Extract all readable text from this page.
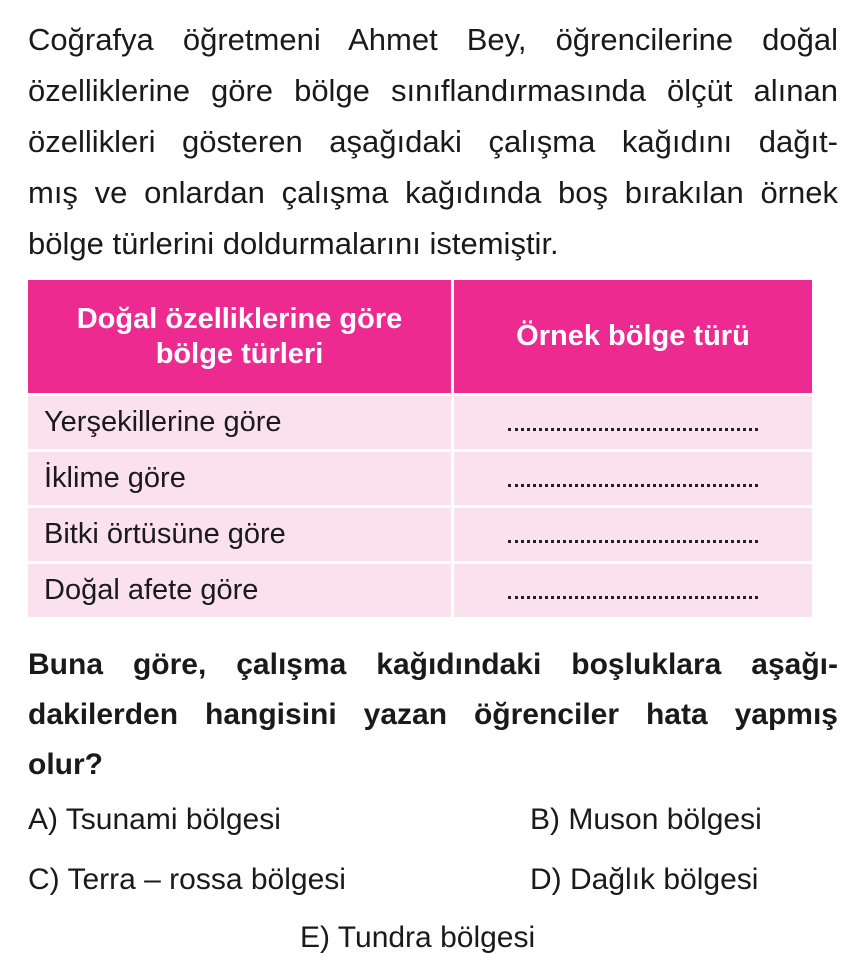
Coğrafya öğretmeni Ahmet Bey, öğrencilerine doğal
özelliklerine göre bölge sınıflandırmasında ölçüt alınan
özellikleri gösteren aşağıdaki çalışma kağıdını dağıt-
mış ve onlardan çalışma kağıdında boş bırakılan örnek
bölge türlerini doldurmalarını istemiştir.
Doğal özelliklerine göre
bölge türleri
Örnek bölge türü
Yerşekillerine göre
İklime göre
Bitki örtüsüne göre
Doğal afete göre
Buna göre, çalışma kağıdındaki boşluklara aşağı-
dakilerden hangisini yazan öğrenciler hata yapmış
olur?
A) Tsunami bölgesi	B) Muson bölgesi
C) Terra – rossa bölgesi	D) Dağlık bölgesi
E) Tundra bölgesi
